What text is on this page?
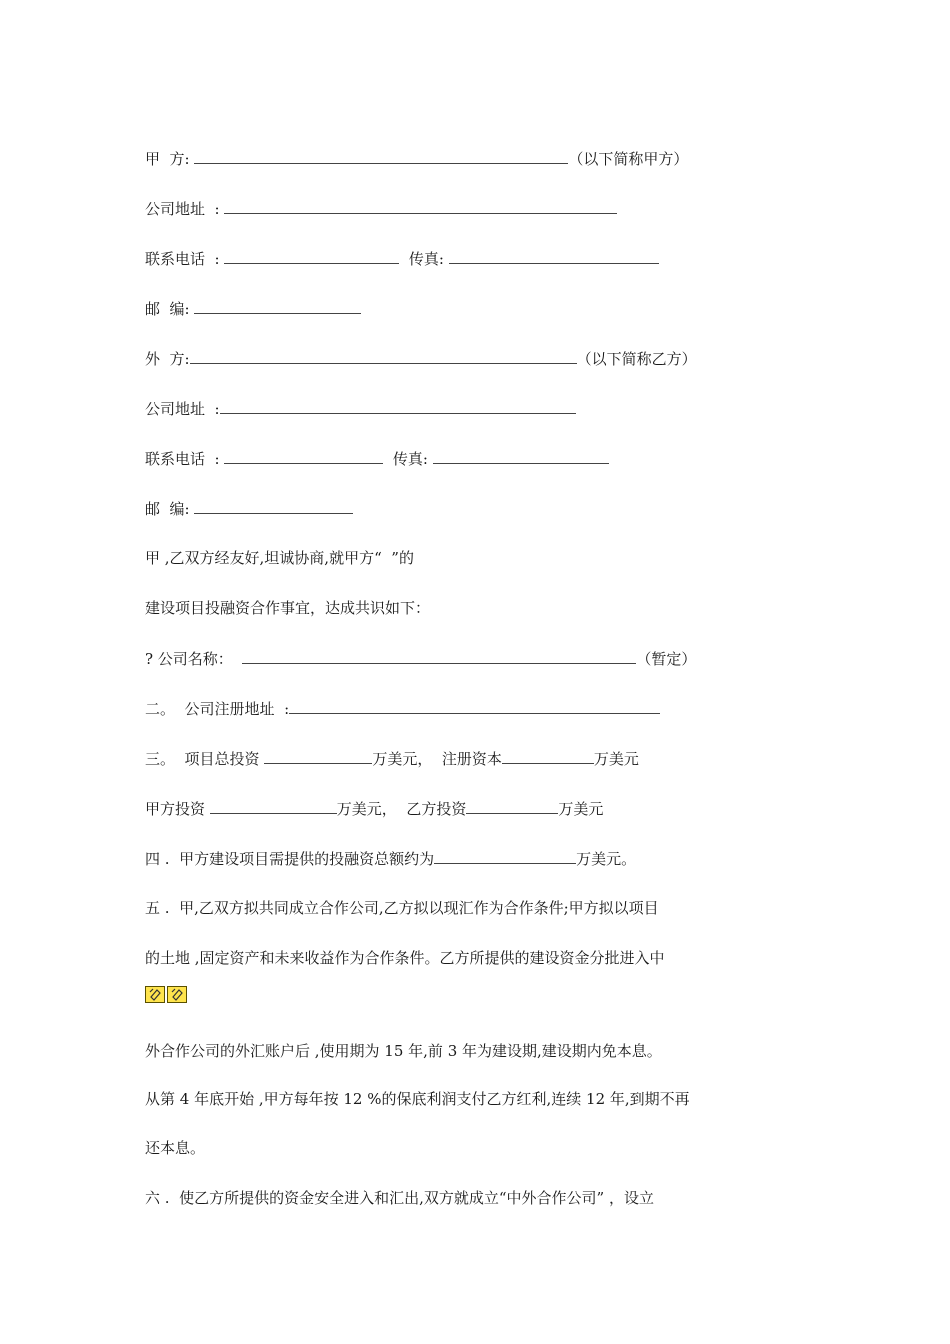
甲  方:	（以下简称甲方）
公司地址  :
联系电话  :	传真:
邮  编:
外  方:	（以下简称乙方）
公司地址  :
联系电话  :	传真:
邮  编:
甲 ,乙双方经友好,坦诚协商,就甲方“  ”的
建设项目投融资合作事宜，达成共识如下：
? 公司名称：	（暂定）
二。  公司注册地址  :
三。  项目总投资	万美元，  注册资本	万美元
甲方投资	万美元，  乙方投资	万美元
四 .  甲方建设项目需提供的投融资总额约为	万美元。
五 .  甲,乙双方拟共同成立合作公司,乙方拟以现汇作为合作条件;甲方拟以项目
的土地 ,固定资产和未来收益作为合作条件。乙方所提供的建设资金分批进入中
外合作公司的外汇账户后 ,使用期为 15 年,前 3 年为建设期,建设期内免本息。
从第 4 年底开始 ,甲方每年按 12 %的保底利润支付乙方红利,连续 12 年,到期不再
还本息。
六 .  使乙方所提供的资金安全进入和汇出,双方就成立“中外合作公司” ，设立
